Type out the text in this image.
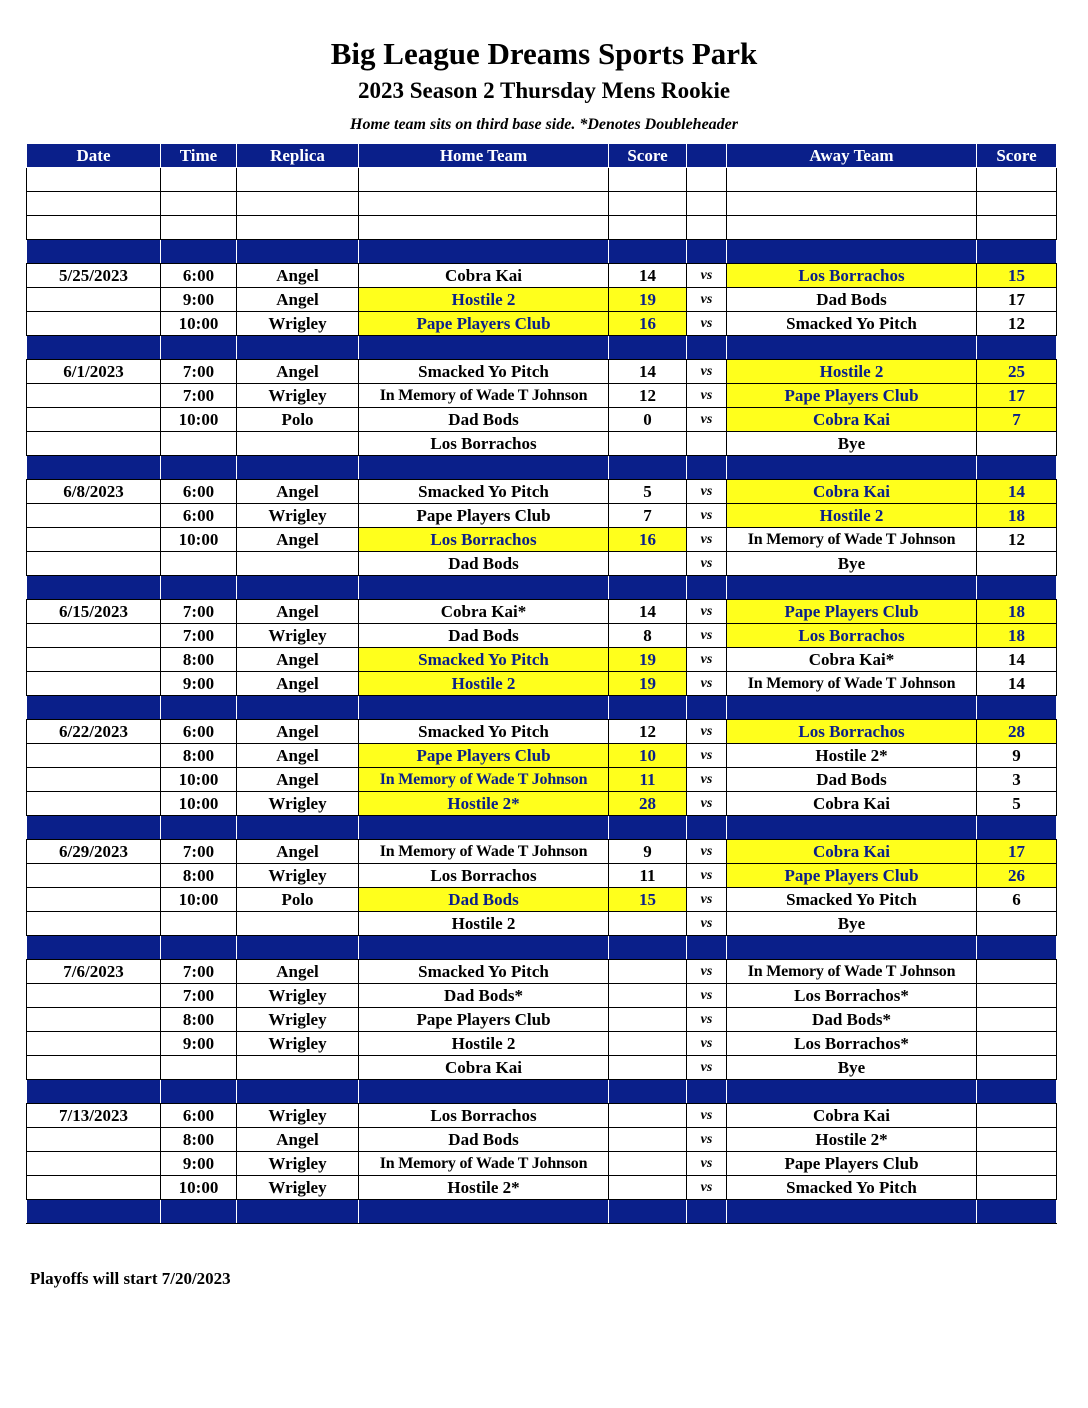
Big League Dreams Sports Park
2023 Season 2 Thursday Mens Rookie
Home team sits on third base side. *Denotes Doubleheader
Date	Time	Replica	Home Team	Score		Away Team	Score

5/25/2023	6:00	Angel	Cobra Kai	14	vs	Los Borrachos	15
	9:00	Angel	Hostile 2	19	vs	Dad Bods	17
	10:00	Wrigley	Pape Players Club	16	vs	Smacked Yo Pitch	12

6/1/2023	7:00	Angel	Smacked Yo Pitch	14	vs	Hostile 2	25
	7:00	Wrigley	In Memory of Wade T Johnson	12	vs	Pape Players Club	17
	10:00	Polo	Dad Bods	0	vs	Cobra Kai	7
			Los Borrachos			Bye	

6/8/2023	6:00	Angel	Smacked Yo Pitch	5	vs	Cobra Kai	14
	6:00	Wrigley	Pape Players Club	7	vs	Hostile 2	18
	10:00	Angel	Los Borrachos	16	vs	In Memory of Wade T Johnson	12
			Dad Bods		vs	Bye	

6/15/2023	7:00	Angel	Cobra Kai*	14	vs	Pape Players Club	18
	7:00	Wrigley	Dad Bods	8	vs	Los Borrachos	18
	8:00	Angel	Smacked Yo Pitch	19	vs	Cobra Kai*	14
	9:00	Angel	Hostile 2	19	vs	In Memory of Wade T Johnson	14

6/22/2023	6:00	Angel	Smacked Yo Pitch	12	vs	Los Borrachos	28
	8:00	Angel	Pape Players Club	10	vs	Hostile 2*	9
	10:00	Angel	In Memory of Wade T Johnson	11	vs	Dad Bods	3
	10:00	Wrigley	Hostile 2*	28	vs	Cobra Kai	5

6/29/2023	7:00	Angel	In Memory of Wade T Johnson	9	vs	Cobra Kai	17
	8:00	Wrigley	Los Borrachos	11	vs	Pape Players Club	26
	10:00	Polo	Dad Bods	15	vs	Smacked Yo Pitch	6
			Hostile 2		vs	Bye	

7/6/2023	7:00	Angel	Smacked Yo Pitch		vs	In Memory of Wade T Johnson	
	7:00	Wrigley	Dad Bods*		vs	Los Borrachos*	
	8:00	Wrigley	Pape Players Club		vs	Dad Bods*	
	9:00	Wrigley	Hostile 2		vs	Los Borrachos*	
			Cobra Kai		vs	Bye	

7/13/2023	6:00	Wrigley	Los Borrachos		vs	Cobra Kai	
	8:00	Angel	Dad Bods		vs	Hostile 2*	
	9:00	Wrigley	In Memory of Wade T Johnson		vs	Pape Players Club	
	10:00	Wrigley	Hostile 2*		vs	Smacked Yo Pitch	

Playoffs will start 7/20/2023
